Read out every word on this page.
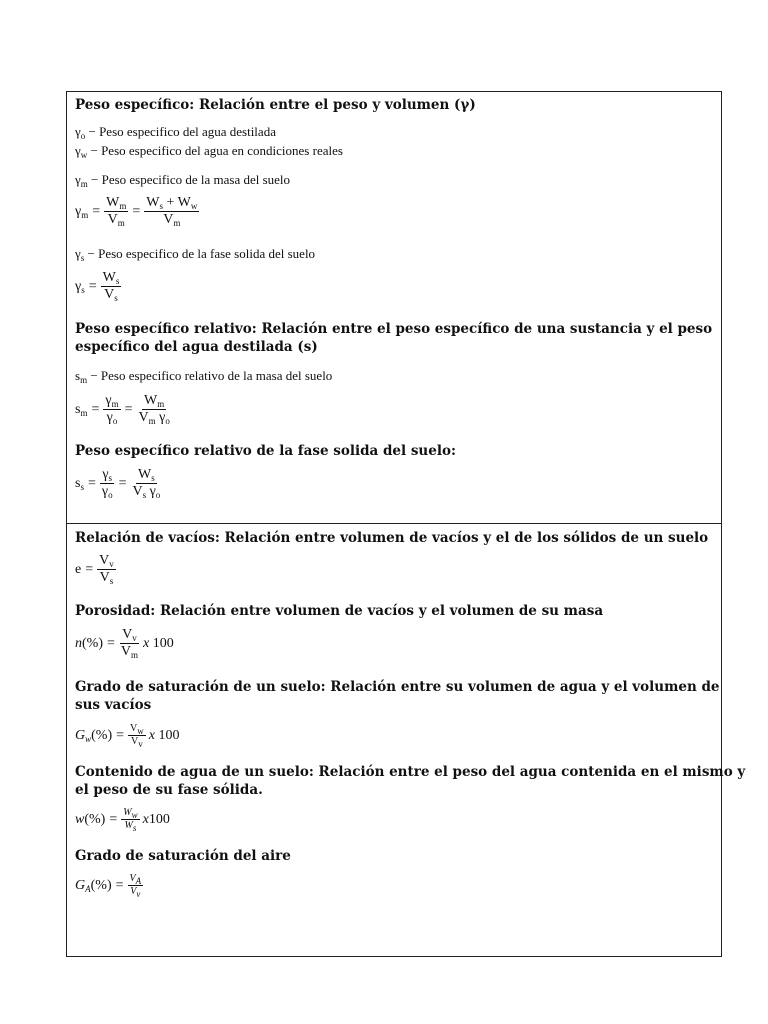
Peso específico: Relación entre el peso y volumen (γ)
$\gamma_o$ − Peso especifico del agua destilada
$\gamma_w$ − Peso especifico del agua en condiciones reales
$\gamma_m$ − Peso especifico de la masa del suelo
$\gamma_m = \frac{W_m}{V_m} = \frac{W_s + W_w}{V_m}$
$\gamma_s$ − Peso especifico de la fase solida del suelo
$\gamma_s = \frac{W_s}{V_s}$
Peso específico relativo: Relación entre el peso específico de una sustancia y el peso
específico del agua destilada (s)
$s_m$ − Peso especifico relativo de la masa del suelo
$s_m = \frac{\gamma_m}{\gamma_o} = \frac{W_m}{V_m \gamma_o}$
Peso específico relativo de la fase solida del suelo:
$s_s = \frac{\gamma_s}{\gamma_o} = \frac{W_s}{V_s \gamma_o}$
Relación de vacíos: Relación entre volumen de vacíos y el de los sólidos de un suelo
$e = \frac{V_v}{V_s}$
Porosidad: Relación entre volumen de vacíos y el volumen de su masa
$n(\%) = \frac{V_v}{V_m}$ x 100
Grado de saturación de un suelo: Relación entre su volumen de agua y el volumen de
sus vacíos
$G_w(\%) = \frac{V_w}{V_v}$ x 100
Contenido de agua de un suelo: Relación entre el peso del agua contenida en el mismo y
el peso de su fase sólida.
$w(\%) = \frac{W_w}{W_s} x100$
Grado de saturación del aire
$G_A(\%) = \frac{V_A}{V_v}$
